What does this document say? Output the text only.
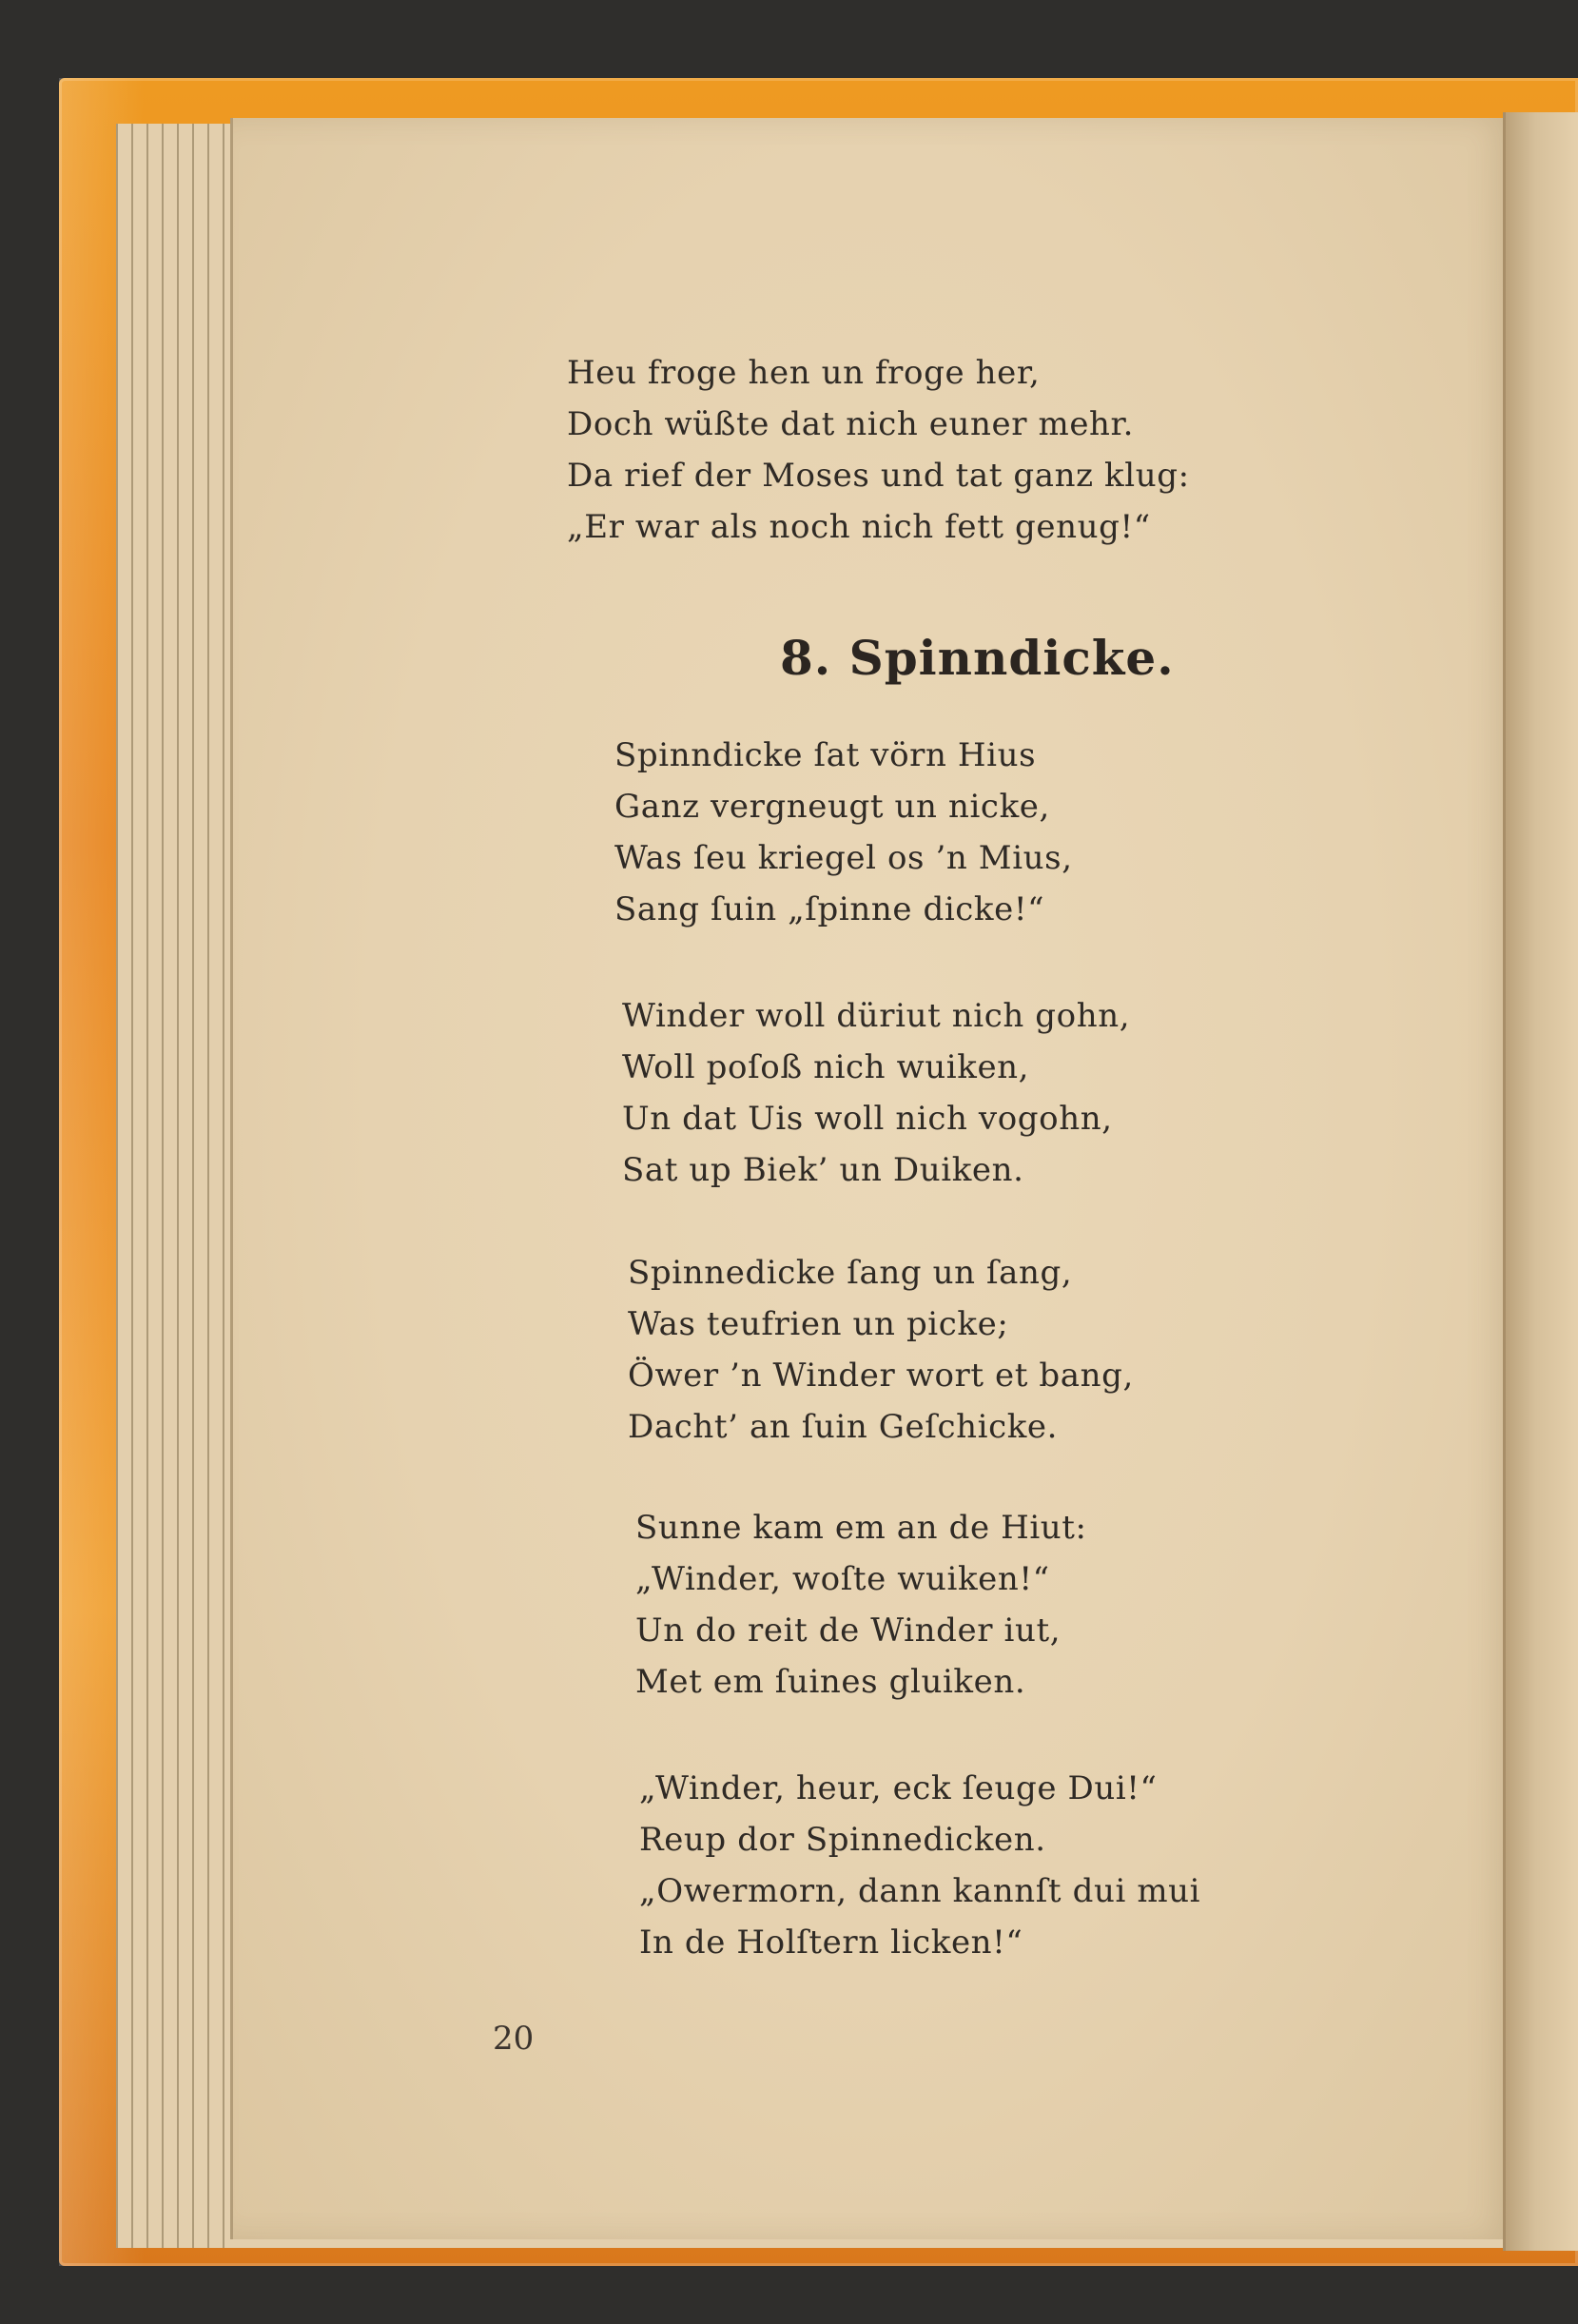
Heu froge hen un froge her,

Doch wüßte dat nich euner mehr.

Da rief der Moses und tat ganz klug:

„Er war als noch nich fett genug!“

8. Spinndicke.

Spinndicke ſat vörn Hius

Ganz vergneugt un nicke,

Was ſeu kriegel os ’n Mius,

Sang ſuin „ſpinne dicke!“

Winder woll düriut nich gohn,

Woll poſoß nich wuiken,

Un dat Uis woll nich vogohn,

Sat up Biek’ un Duiken.

Spinnedicke ſang un ſang,

Was teufrien un picke;

Öwer ’n Winder wort et bang,

Dacht’ an ſuin Geſchicke.

Sunne kam em an de Hiut:

„Winder, woſte wuiken!“

Un do reit de Winder iut,

Met em ſuines gluiken.

„Winder, heur, eck ſeuge Dui!“

Reup dor Spinnedicken.

„Owermorn, dann kannſt dui mui

In de Holſtern licken!“

20
